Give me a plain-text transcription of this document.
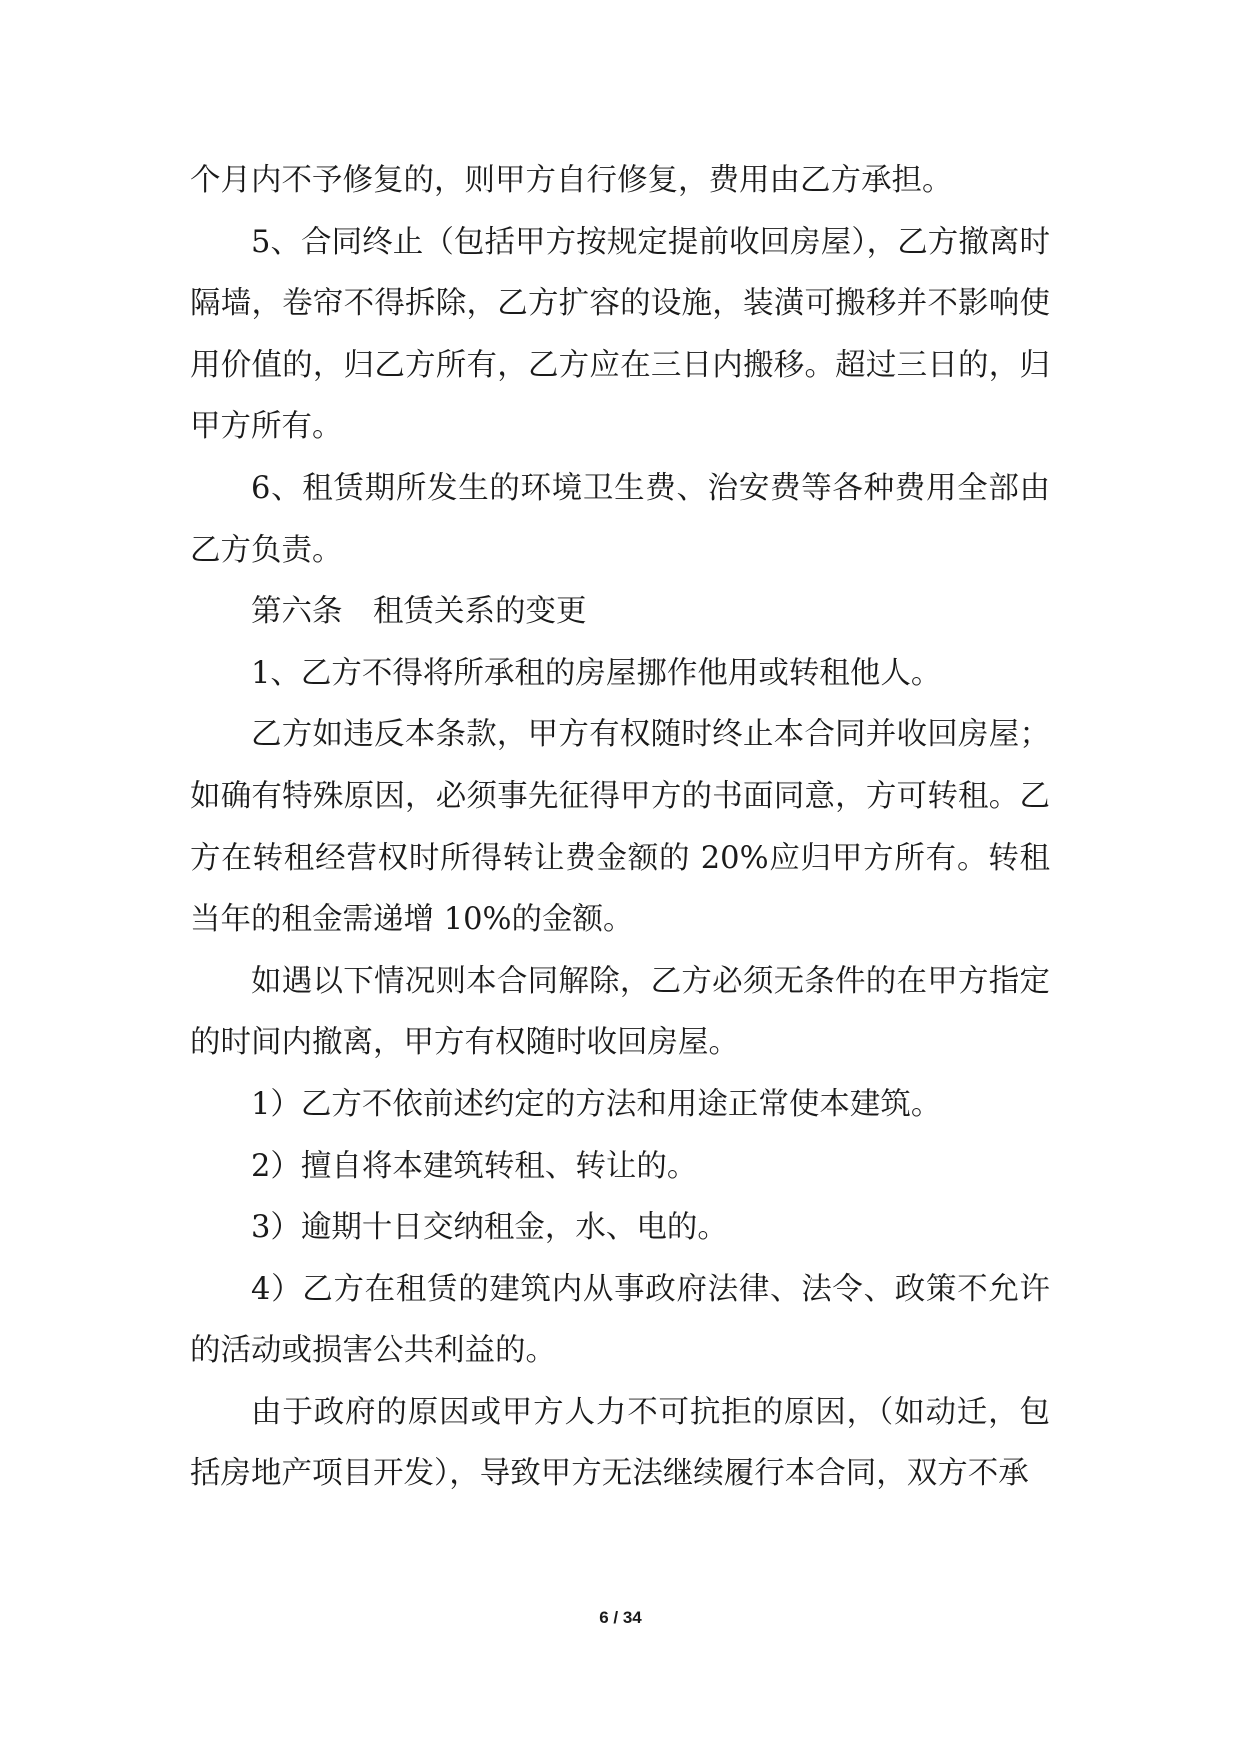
个月内不予修复的，则甲方自行修复，费用由乙方承担。

5、合同终止（包括甲方按规定提前收回房屋），乙方撤离时隔墙，卷帘不得拆除，乙方扩容的设施，装潢可搬移并不影响使用价值的，归乙方所有，乙方应在三日内搬移。超过三日的，归甲方所有。

6、租赁期所发生的环境卫生费、治安费等各种费用全部由乙方负责。

第六条　租赁关系的变更

1、乙方不得将所承租的房屋挪作他用或转租他人。

乙方如违反本条款，甲方有权随时终止本合同并收回房屋；如确有特殊原因，必须事先征得甲方的书面同意，方可转租。乙方在转租经营权时所得转让费金额的 20%应归甲方所有。转租当年的租金需递增 10%的金额。

如遇以下情况则本合同解除，乙方必须无条件的在甲方指定的时间内撤离，甲方有权随时收回房屋。

1）乙方不依前述约定的方法和用途正常使本建筑。

2）擅自将本建筑转租、转让的。

3）逾期十日交纳租金，水、电的。

4）乙方在租赁的建筑内从事政府法律、法令、政策不允许的活动或损害公共利益的。

由于政府的原因或甲方人力不可抗拒的原因，（如动迁，包括房地产项目开发），导致甲方无法继续履行本合同，双方不承

6 / 34
